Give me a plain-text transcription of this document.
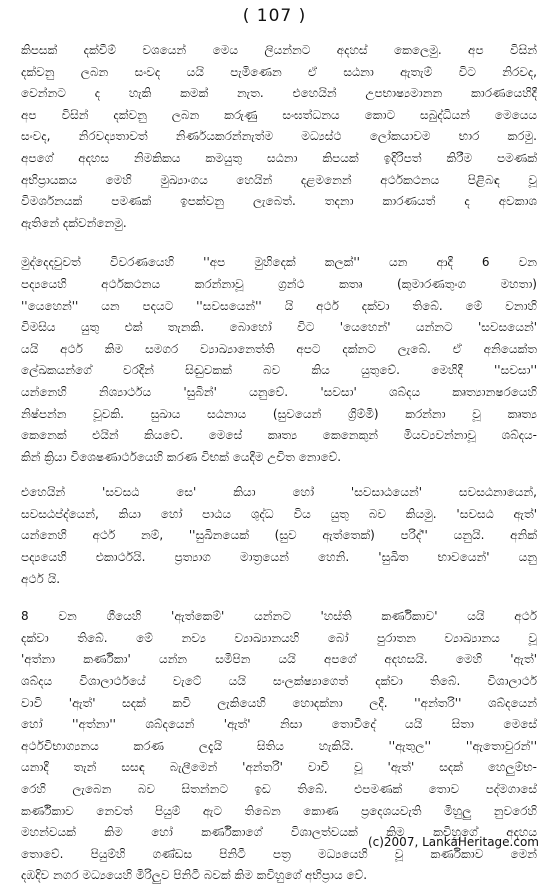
( 107 )
කිපසක් දක්වීම් වශයෙන් මෙය ලියන්නට අදහස් කෙලෙමු. අප විසින්
දක්වනු ලබන සංවද යයි පැමිණෙන ඒ සඨනා ඇතැම් විට නිරවද,
වෙන්නට ද හැකි කමක් නැත. එහෙයින් උපභාෂ්‍යමානන කාරණයෙහිදී
අප විසින් දක්වනු ලබන කරුණු සංඝත්ධනය කොට සබුද්ධියන් මෙයෙය
සංවද, නිරවද්‍යතාවත් නිර්ණයකරන්නැත්ම මධ්‍යස්ථ ලෝකයාවම භාර කරමු.
අපගේ අදහස නිමකිකය කමයුතු සඨනා කිපයක් ඉදිරිපත් කිරීම පමණක්
අභිප්‍රායකය මෙහි මුඛ්‍යාංගය හෙයින් දළමනෙන් අර්ථකථනය පිළිබඳ වූ
විමර්ශනයක් පමණක් ඉපක්වනු ලැබෙත්. තදනා කාරණයත් ද අවකාශ
ඇතිනේ දක්වන්නෙමු.
මුද්දෙදවුවත් විවරණයෙහි ''අප මුහිදෙක් කලක්'' යන ආදී 6 වන
පද්‍යයෙහි අර්ථකථනය කරන්නාවූ ග්‍රන්ථ කතෘ (කුමාරණතුංග මහතා)
''යෙහෙන්'' යන පදයට ''සවසයෙන්'' යි අර්ථ දක්වා තිබේ. මේ වනාහි
විමසිය යුතු එක් තැනකි. බොහෝ විට 'යෙහෙන්' යන්නට 'සවසයෙන්'
යයි අර්ථ කිම සමගර ව්‍යාඛ්‍යානෙත්ති අපට දක්නට ලැබේ. ඒ අනියෙක්ත
ලේඛකයන්ගේ වරදින් සිඬුවකක් බව කිය යුතුවේ. මෙහිදී ''සවසා''
යන්නෙහි නිශ්‍යාර්ථය 'සුබින්' යනුවේ. 'සවසා' ශබ්දය කෘත්‍යානෂරයෙහි
නිෂ්පන්න වූවකි. සුඛාය සඨනාය (සුවයෙන් ග්‍රිම්මි) කරන්නා වූ කෘත්‍ය
කෙනෙක් එයින් කියවේ. මෙසේ කෘත්‍ය කෙනෙකුන් මියව්‍යවන්නාවූ ශබ්දය-
කින් ක්‍රියා විශෙෂණාර්ථයෙහි කරණ විභක් යෙදීම උචිත නොවේ.
එහෙයින් 'සවසඨ සෙ' කියා හෝ 'සවසාඨයෙන්' සවසඨනායෙන්,
සවසඨප්ද්යෙන්, කියා හෝ පාඨය ශුද්ධ විය යුතු බව කියමු. 'සවසඨ ඇත්'
යන්නෙහි අර්ථ නම්, ''සුඛිනයෙක් (සුව ඇත්තෙක්) පරිද්'' යනුයි. අනික්
පද්‍යයෙහි එකාර්ථයි. ප්‍රත්‍යාග මාත්‍රයෙන් හෙනි. 'සුඛිත භාවයෙන්' යනු
අර්ථ යි.
8 වන ගීයෙහි 'ඇත්කෙම්' යන්නට 'හස්ති කර්ණිකාව' යයි අර්ථ
දක්වා තිබේ. මේ නව්‍ය ව්‍යාඛ්‍යානයහි බෝ පුරාතන ව්‍යාඛ්‍යානය වූ
'අත්නා කර්ණිකා' යන්න සමීපින යයි අපගේ අදහසයි. මෙහි 'ඇත්'
ශබ්දය විශාලාර්ථයේ වැටේ යයි සංලක්ෂ්‍යාගෙත් දක්වා තිබේ. විශාලාර්ථ
වාවි 'ඇත්' සදක් කවි ලැකියෙහි හොදක්නා ලදී. ''අන්තරි'' ශබ්දයෙන්
හෝ ''අත්නා'' ශබ්දයෙන් 'ඇත්' නිසා තොවීදේ යයි සිතා මෙසේ
අර්ථවිභාග්‍යනය කරණ ලදැයි සිතිය හැකියි. ''ඇතුල'' ''ඇතොවුරන්''
යනාදී තැන් සසඳ බැලීමෙන් 'අන්තරි' වාචි වූ 'ඇත්' සදක් හෙලුම්භ-
රෙහි ලැබෙන බව සිතන්නට ඉඩ තිබේ. එපමණක් තොව පද්මගාසේ
කර්ණිකාව නෙවත් පියුම් ඇට තිබෙන කොණ ප්‍රදෙශයවැති මිහුලු නුවරෙහි
මහන්වයක් කිම හෝ කර්ණිකාගේ විශාලත්වයක් කිම කවිහුගේ අදහය
තොවේ. පියුම්හි ගණ්ඩස පිනිටී පත්‍ර මධ්‍යයෙහි වූ කර්ණිකාව මෙන්
දඹදිව නගර මධ්‍යයෙහි මිරිලුව පිනිටී බවක් කිම කවිහුගේ අභිප්‍රාය වේ.
(c)2007, LankaHeritage.com
